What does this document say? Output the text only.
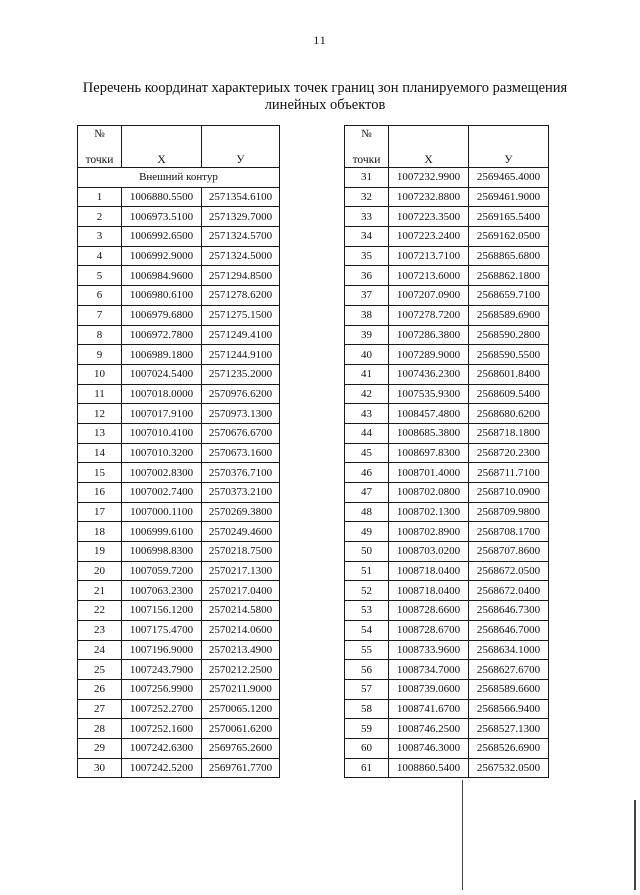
11
Перечень координат характериых точек границ зон планируемого размещения линейных объектов
№		
точки	Х	У
Внешний контур		
1	1006880.5500	2571354.6100
2	1006973.5100	2571329.7000
3	1006992.6500	2571324.5700
4	1006992.9000	2571324.5000
5	1006984.9600	2571294.8500
6	1006980.6100	2571278.6200
7	1006979.6800	2571275.1500
8	1006972.7800	2571249.4100
9	1006989.1800	2571244.9100
10	1007024.5400	2571235.2000
11	1007018.0000	2570976.6200
12	1007017.9100	2570973.1300
13	1007010.4100	2570676.6700
14	1007010.3200	2570673.1600
15	1007002.8300	2570376.7100
16	1007002.7400	2570373.2100
17	1007000.1100	2570269.3800
18	1006999.6100	2570249.4600
19	1006998.8300	2570218.7500
20	1007059.7200	2570217.1300
21	1007063.2300	2570217.0400
22	1007156.1200	2570214.5800
23	1007175.4700	2570214.0600
24	1007196.9000	2570213.4900
25	1007243.7900	2570212.2500
26	1007256.9900	2570211.9000
27	1007252.2700	2570065.1200
28	1007252.1600	2570061.6200
29	1007242.6300	2569765.2600
30	1007242.5200	2569761.7700
№		
точки	Х	У
31	1007232.9900	2569465.4000
32	1007232.8800	2569461.9000
33	1007223.3500	2569165.5400
34	1007223.2400	2569162.0500
35	1007213.7100	2568865.6800
36	1007213.6000	2568862.1800
37	1007207.0900	2568659.7100
38	1007278.7200	2568589.6900
39	1007286.3800	2568590.2800
40	1007289.9000	2568590.5500
41	1007436.2300	2568601.8400
42	1007535.9300	2568609.5400
43	1008457.4800	2568680.6200
44	1008685.3800	2568718.1800
45	1008697.8300	2568720.2300
46	1008701.4000	2568711.7100
47	1008702.0800	2568710.0900
48	1008702.1300	2568709.9800
49	1008702.8900	2568708.1700
50	1008703.0200	2568707.8600
51	1008718.0400	2568672.0500
52	1008718.0400	2568672.0400
53	1008728.6600	2568646.7300
54	1008728.6700	2568646.7000
55	1008733.9600	2568634.1000
56	1008734.7000	2568627.6700
57	1008739.0600	2568589.6600
58	1008741.6700	2568566.9400
59	1008746.2500	2568527.1300
60	1008746.3000	2568526.6900
61	1008860.5400	2567532.0500
